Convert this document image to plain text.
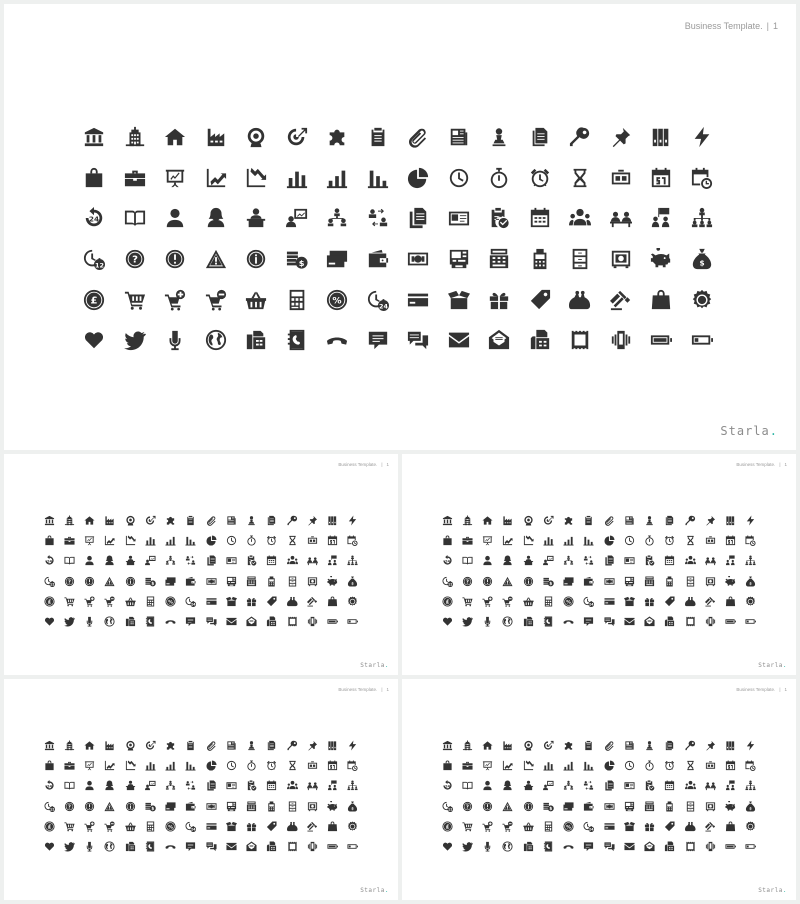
Business Template. | 1
Starla.
Business Template. | 1
Starla.
Business Template. | 1
Starla.
Business Template. | 1
Starla.
Business Template. | 1
Starla.
